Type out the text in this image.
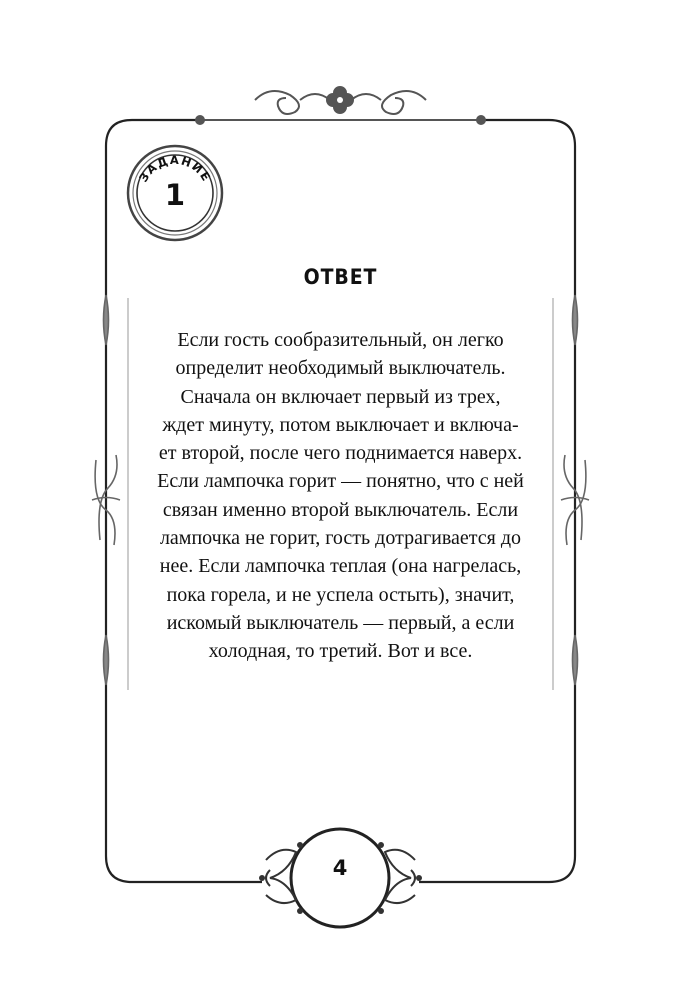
ЗАДАНИЕ
1
ОТВЕТ
Если гость сообразительный, он легко
определит необходимый выключатель.
Сначала он включает первый из трех,
ждет минуту, потом выключает и включа-
ет второй, после чего поднимается наверх.
Если лампочка горит — понятно, что с ней
связан именно второй выключатель. Если
лампочка не горит, гость дотрагивается до
нее. Если лампочка теплая (она нагрелась,
пока горела, и не успела остыть), значит,
искомый выключатель — первый, а если
холодная, то третий. Вот и все.
4
